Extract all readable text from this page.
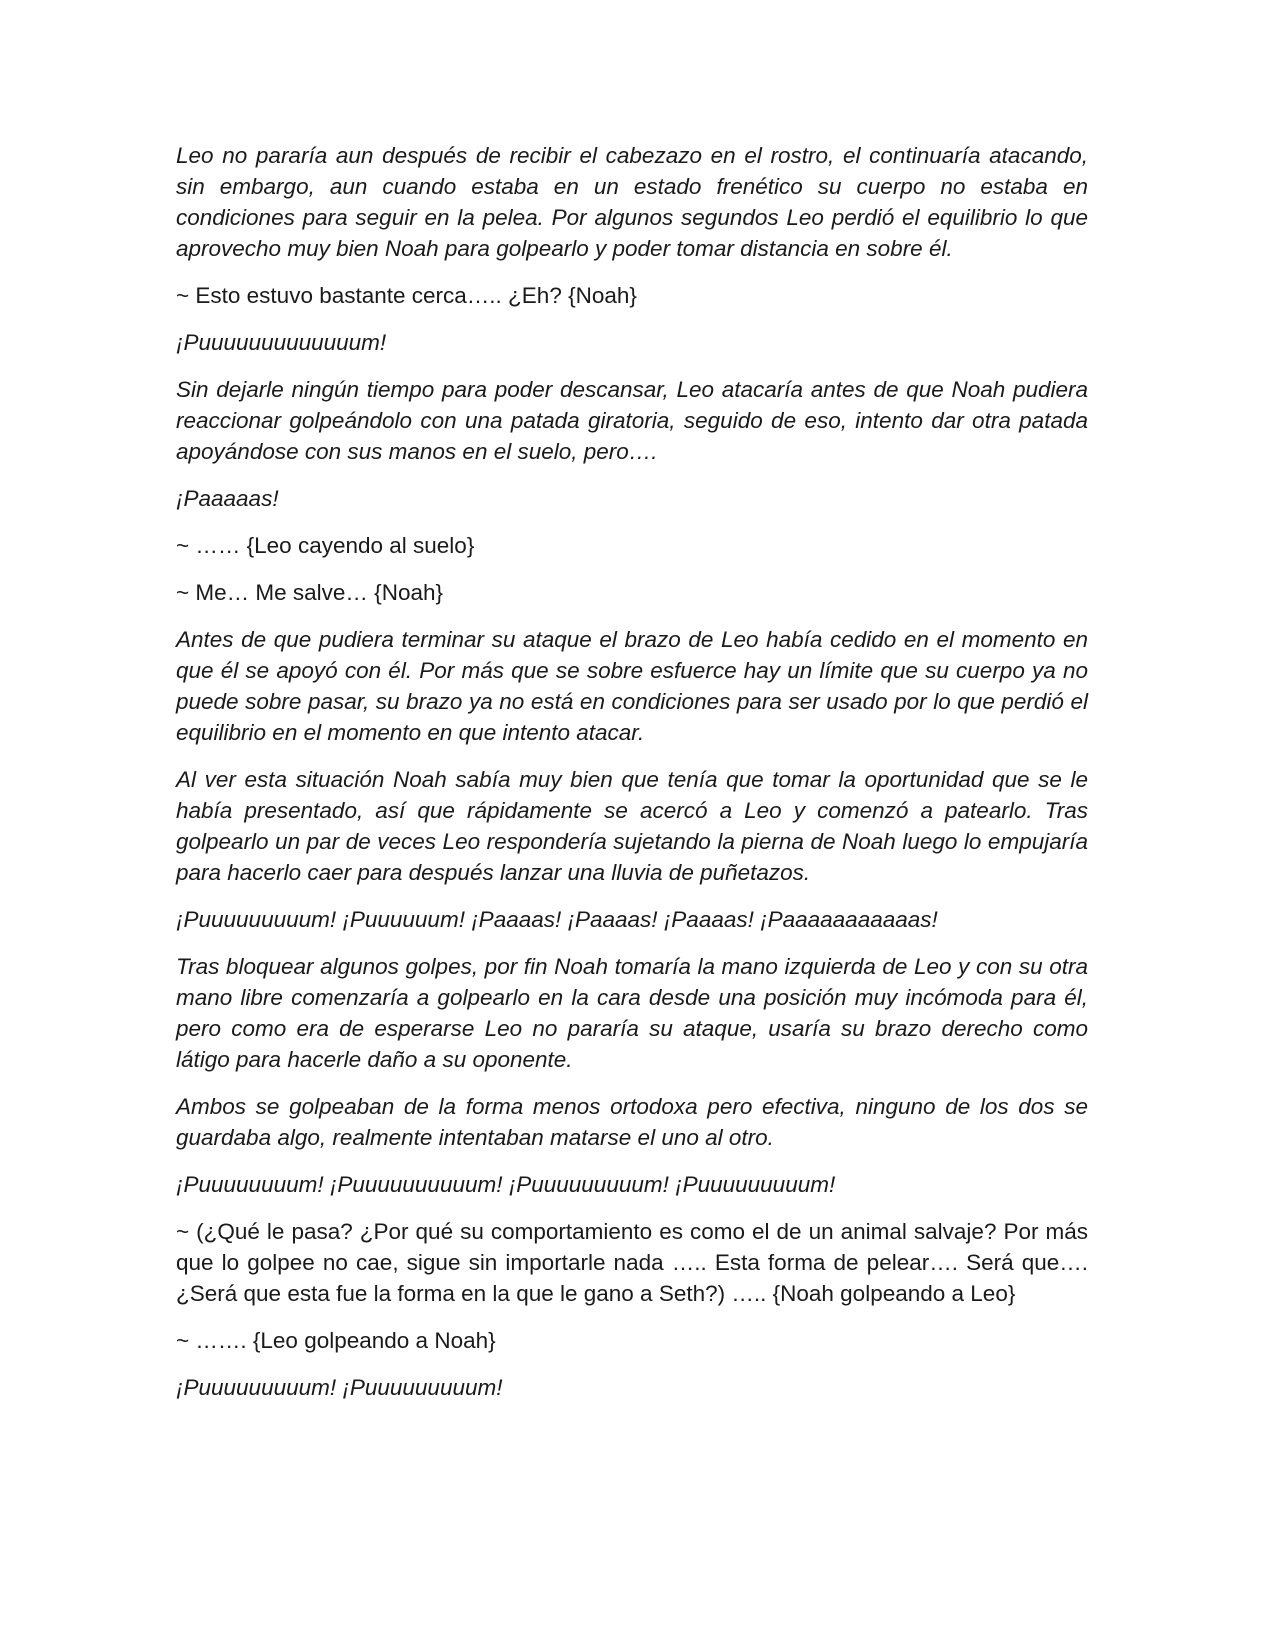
Leo no pararía aun después de recibir el cabezazo en el rostro, el continuaría atacando, sin embargo, aun cuando estaba en un estado frenético su cuerpo no estaba en condiciones para seguir en la pelea. Por algunos segundos Leo perdió el equilibrio lo que aprovecho muy bien Noah para golpearlo y poder tomar distancia en sobre él.

~ Esto estuvo bastante cerca….. ¿Eh? {Noah}

¡Puuuuuuuuuuuuum!

Sin dejarle ningún tiempo para poder descansar, Leo atacaría antes de que Noah pudiera reaccionar golpeándolo con una patada giratoria, seguido de eso, intento dar otra patada apoyándose con sus manos en el suelo, pero….

¡Paaaaas!

~ …… {Leo cayendo al suelo}

~ Me… Me salve… {Noah}

Antes de que pudiera terminar su ataque el brazo de Leo había cedido en el momento en que él se apoyó con él. Por más que se sobre esfuerce hay un límite que su cuerpo ya no puede sobre pasar, su brazo ya no está en condiciones para ser usado por lo que perdió el equilibrio en el momento en que intento atacar.

Al ver esta situación Noah sabía muy bien que tenía que tomar la oportunidad que se le había presentado, así que rápidamente se acercó a Leo y comenzó a patearlo. Tras golpearlo un par de veces Leo respondería sujetando la pierna de Noah luego lo empujaría para hacerlo caer para después lanzar una lluvia de puñetazos.

¡Puuuuuuuuum! ¡Puuuuuum! ¡Paaaas! ¡Paaaas! ¡Paaaas! ¡Paaaaaaaaaaas!

Tras bloquear algunos golpes, por fin Noah tomaría la mano izquierda de Leo y con su otra mano libre comenzaría a golpearlo en la cara desde una posición muy incómoda para él, pero como era de esperarse Leo no pararía su ataque, usaría su brazo derecho como látigo para hacerle daño a su oponente.

Ambos se golpeaban de la forma menos ortodoxa pero efectiva, ninguno de los dos se guardaba algo, realmente intentaban matarse el uno al otro.

¡Puuuuuuuum! ¡Puuuuuuuuuum! ¡Puuuuuuuuum! ¡Puuuuuuuuum!

~ (¿Qué le pasa? ¿Por qué su comportamiento es como el de un animal salvaje? Por más que lo golpee no cae, sigue sin importarle nada ….. Esta forma de pelear…. Será que…. ¿Será que esta fue la forma en la que le gano a Seth?) ….. {Noah golpeando a Leo}

~ ……. {Leo golpeando a Noah}

¡Puuuuuuuuum! ¡Puuuuuuuuum!
